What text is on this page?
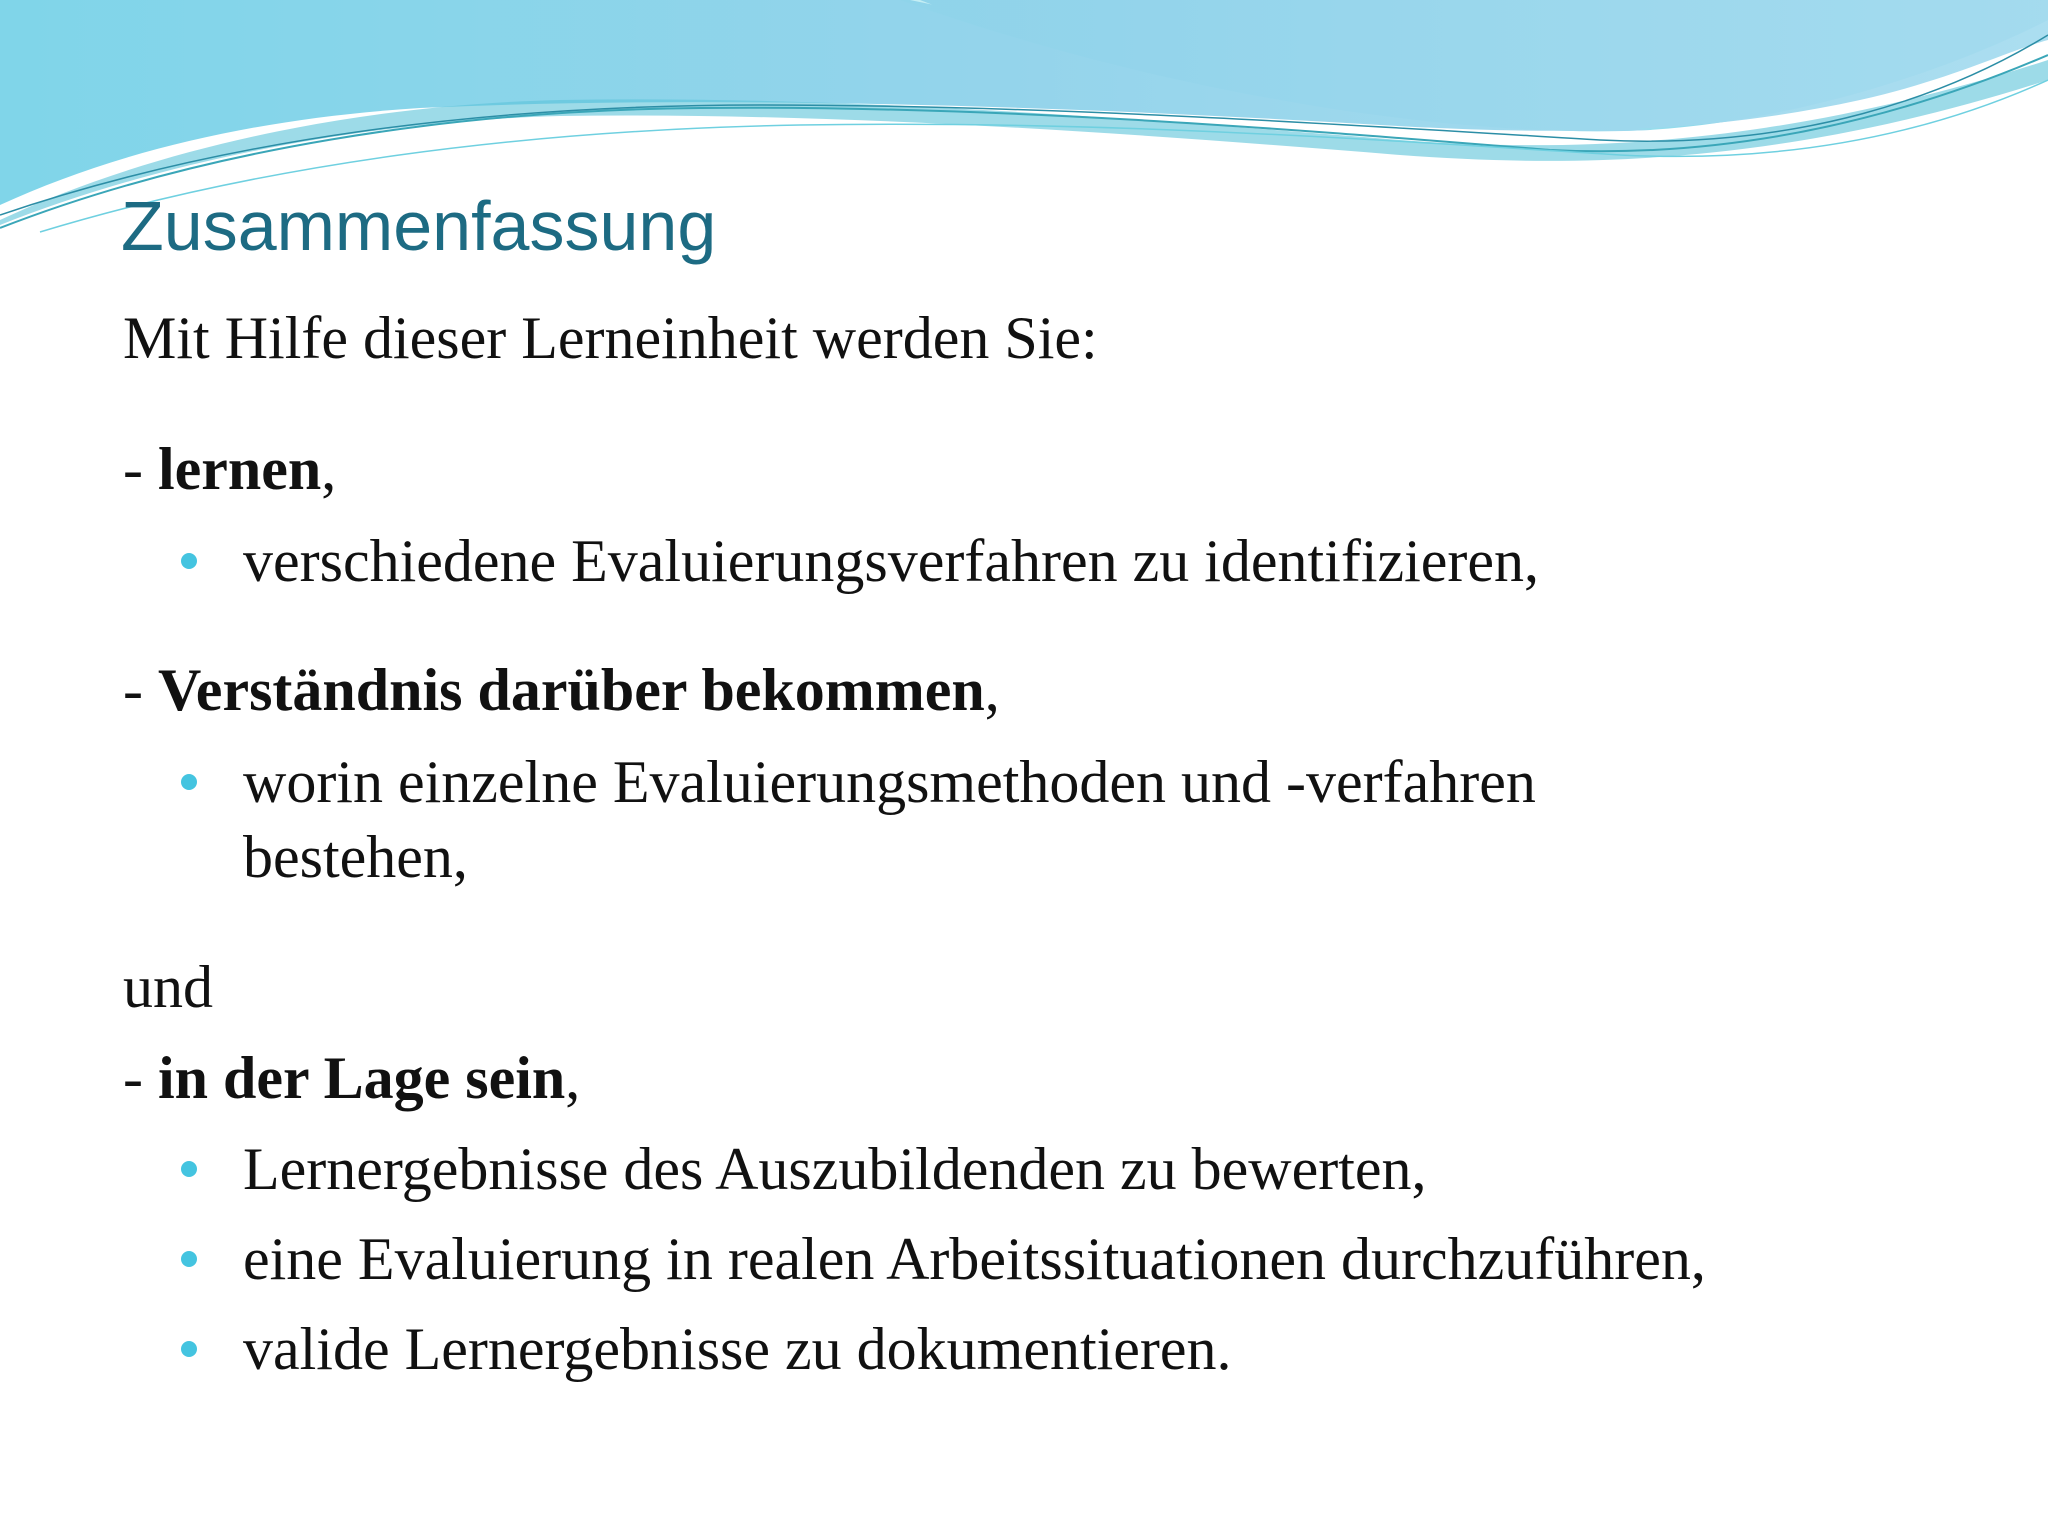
Zusammenfassung
Mit Hilfe dieser Lerneinheit werden Sie:
- lernen,
verschiedene Evaluierungsverfahren zu identifizieren,
- Verständnis darüber bekommen,
worin einzelne Evaluierungsmethoden und -verfahren
bestehen,
und
- in der Lage sein,
Lernergebnisse des Auszubildenden zu bewerten,
eine Evaluierung in realen Arbeitssituationen durchzuführen,
valide Lernergebnisse zu dokumentieren.
